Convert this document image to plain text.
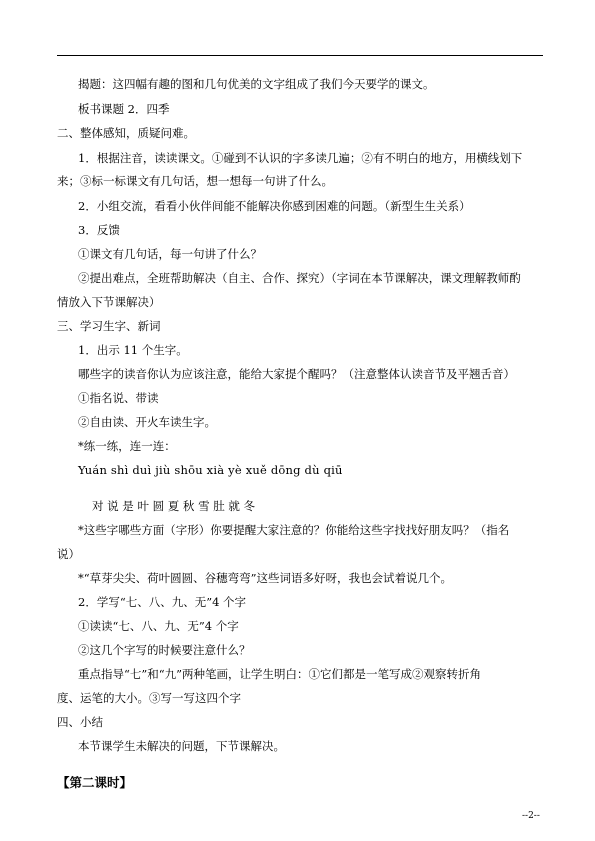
揭题：这四幅有趣的图和几句优美的文字组成了我们今天要学的课文。
板书课题 2．四季
二、整体感知，质疑问难。
1．根据注音，读读课文。①碰到不认识的字多读几遍；②有不明白的地方，用横线划下
来；③标一标课文有几句话，想一想每一句讲了什么。
2．小组交流，看看小伙伴间能不能解决你感到困难的问题。（新型生生关系）
3．反馈
①课文有几句话，每一句讲了什么？
②提出难点，全班帮助解决（自主、合作、探究）（字词在本节课解决，课文理解教师酌
情放入下节课解决）
三、学习生字、新词
1．出示 11 个生字。
哪些字的读音你认为应该注意，能给大家提个醒吗？（注意整体认读音节及平翘舌音）
①指名说、带读
②自由读、开火车读生字。
*练一练，连一连：
Yuán shì duì jiù shōu xià yè xuě dōng dù qiū
对 说 是 叶 圆 夏 秋 雪 肚 就 冬
*这些字哪些方面（字形）你要提醒大家注意的？你能给这些字找找好朋友吗？（指名
说）
*“草芽尖尖、荷叶圆圆、谷穗弯弯”这些词语多好呀，我也会试着说几个。
2．学写“七、八、九、无”4 个字
①读读“七、八、九、无”4 个字
②这几个字写的时候要注意什么？
重点指导“七”和“九”两种笔画，让学生明白：①它们都是一笔写成②观察转折角
度、运笔的大小。③写一写这四个字
四、小结
本节课学生未解决的问题，下节课解决。
【第二课时】
--2--
